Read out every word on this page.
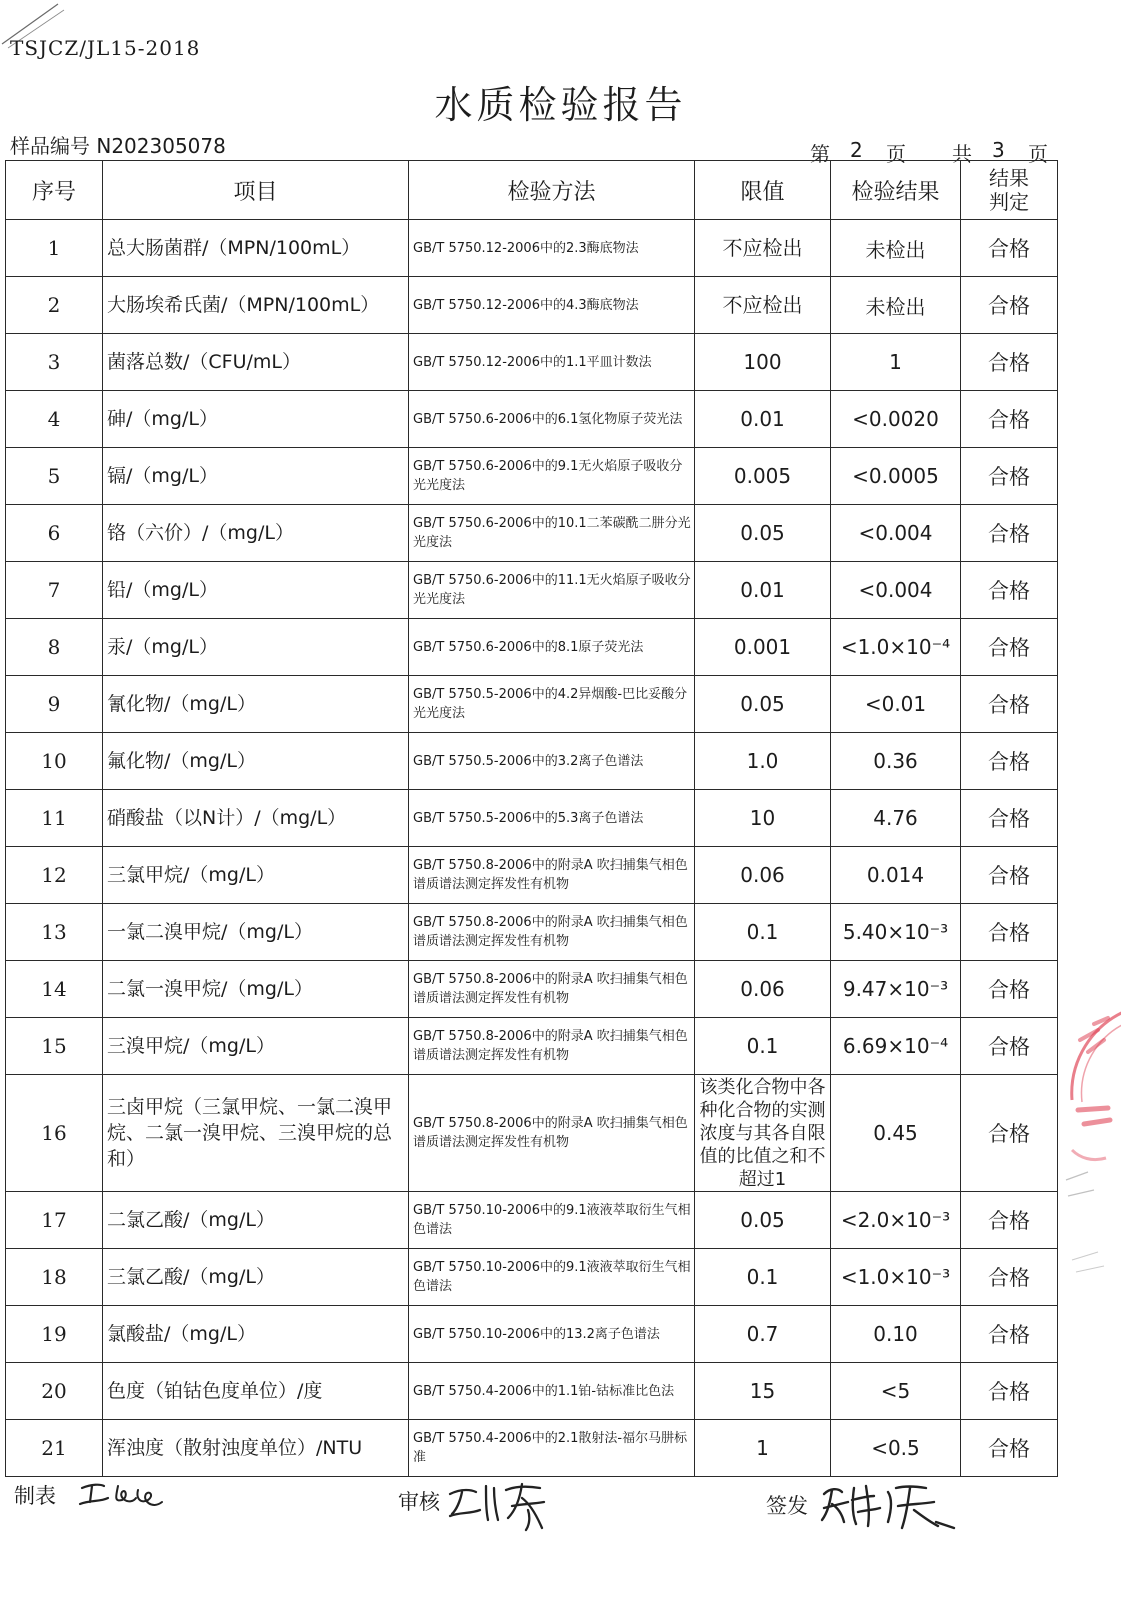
TSJCZ/JL15-2018
水质检验报告
样品编号 N202305078	第	2	页	共	3	页
序号	项目	检验方法	限值	检验结果	结果
判定
1	总大肠菌群/（MPN/100mL）	GB/T 5750.12-2006中的2.3酶底物法	不应检出	未检出	合格
2	大肠埃希氏菌/（MPN/100mL）	GB/T 5750.12-2006中的4.3酶底物法	不应检出	未检出	合格
3	菌落总数/（CFU/mL）	GB/T 5750.12-2006中的1.1平皿计数法	100	1	合格
4	砷/（mg/L）	GB/T 5750.6-2006中的6.1氢化物原子荧光法	0.01	<0.0020	合格
5	镉/（mg/L）	GB/T 5750.6-2006中的9.1无火焰原子吸收分光光度法	0.005	<0.0005	合格
6	铬（六价）/（mg/L）	GB/T 5750.6-2006中的10.1二苯碳酰二肼分光光度法	0.05	<0.004	合格
7	铅/（mg/L）	GB/T 5750.6-2006中的11.1无火焰原子吸收分光光度法	0.01	<0.004	合格
8	汞/（mg/L）	GB/T 5750.6-2006中的8.1原子荧光法	0.001	<1.0×10⁻⁴	合格
9	氰化物/（mg/L）	GB/T 5750.5-2006中的4.2异烟酸-巴比妥酸分光光度法	0.05	<0.01	合格
10	氟化物/（mg/L）	GB/T 5750.5-2006中的3.2离子色谱法	1.0	0.36	合格
11	硝酸盐（以N计）/（mg/L）	GB/T 5750.5-2006中的5.3离子色谱法	10	4.76	合格
12	三氯甲烷/（mg/L）	GB/T 5750.8-2006中的附录A 吹扫捕集气相色谱质谱法测定挥发性有机物	0.06	0.014	合格
13	一氯二溴甲烷/（mg/L）	GB/T 5750.8-2006中的附录A 吹扫捕集气相色谱质谱法测定挥发性有机物	0.1	5.40×10⁻³	合格
14	二氯一溴甲烷/（mg/L）	GB/T 5750.8-2006中的附录A 吹扫捕集气相色谱质谱法测定挥发性有机物	0.06	9.47×10⁻³	合格
15	三溴甲烷/（mg/L）	GB/T 5750.8-2006中的附录A 吹扫捕集气相色谱质谱法测定挥发性有机物	0.1	6.69×10⁻⁴	合格
16	三卤甲烷（三氯甲烷、一氯二溴甲烷、二氯一溴甲烷、三溴甲烷的总和）	GB/T 5750.8-2006中的附录A 吹扫捕集气相色谱质谱法测定挥发性有机物	该类化合物中各种化合物的实测浓度与其各自限值的比值之和不超过1	0.45	合格
17	二氯乙酸/（mg/L）	GB/T 5750.10-2006中的9.1液液萃取衍生气相色谱法	0.05	<2.0×10⁻³	合格
18	三氯乙酸/（mg/L）	GB/T 5750.10-2006中的9.1液液萃取衍生气相色谱法	0.1	<1.0×10⁻³	合格
19	氯酸盐/（mg/L）	GB/T 5750.10-2006中的13.2离子色谱法	0.7	0.10	合格
20	色度（铂钴色度单位）/度	GB/T 5750.4-2006中的1.1铂-钴标准比色法	15	<5	合格
21	浑浊度（散射浊度单位）/NTU	GB/T 5750.4-2006中的2.1散射法-福尔马肼标准	1	<0.5	合格
制表	审核	签发
